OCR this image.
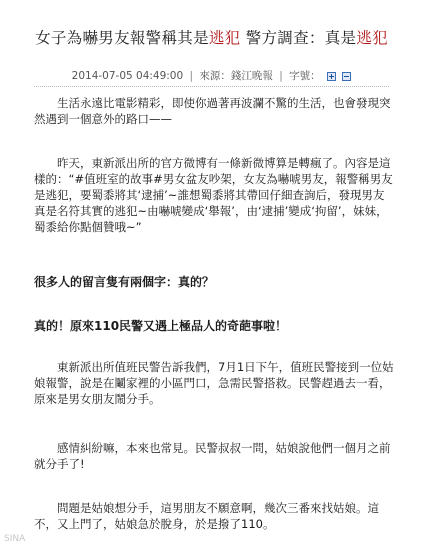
女子為嚇男友報警稱其是逃犯 警方調查：真是逃犯
2014-07-05 04:49:00 | 來源：錢江晚報 | 字號：

生活永遠比電影精彩，即使你過著再波瀾不驚的生活，也會發現突然遇到一個意外的路口——

昨天，東新派出所的官方微博有一條新微博算是轉瘋了。內容是這樣的：“#值班室的故事#男女盆友吵架，女友為嚇唬男友，報警稱男友是逃犯，要蜀黍將其‘逮捕’~誰想蜀黍將其帶回仔細查詢后，發現男友真是名符其實的逃犯~由嚇唬變成‘舉報’，由‘逮捕’變成‘拘留’，妹妹， 蜀黍給你點個贊哦~”

很多人的留言隻有兩個字：真的？

真的！原來110民警又遇上極品人的奇葩事啦！

東新派出所值班民警告訴我們，7月1日下午，值班民警接到一位姑娘報警，說是在鬮家裡的小區門口，急需民警搭救。民警趕過去一看，原來是男女朋友鬧分手。

感情糾紛嘛，本來也常見。民警叔叔一問，姑娘說他們一個月之前就分手了!

問題是姑娘想分手，這男朋友不願意啊，幾次三番來找姑娘。這不，又上門了，姑娘急於脫身，於是撥了110。

SINA
